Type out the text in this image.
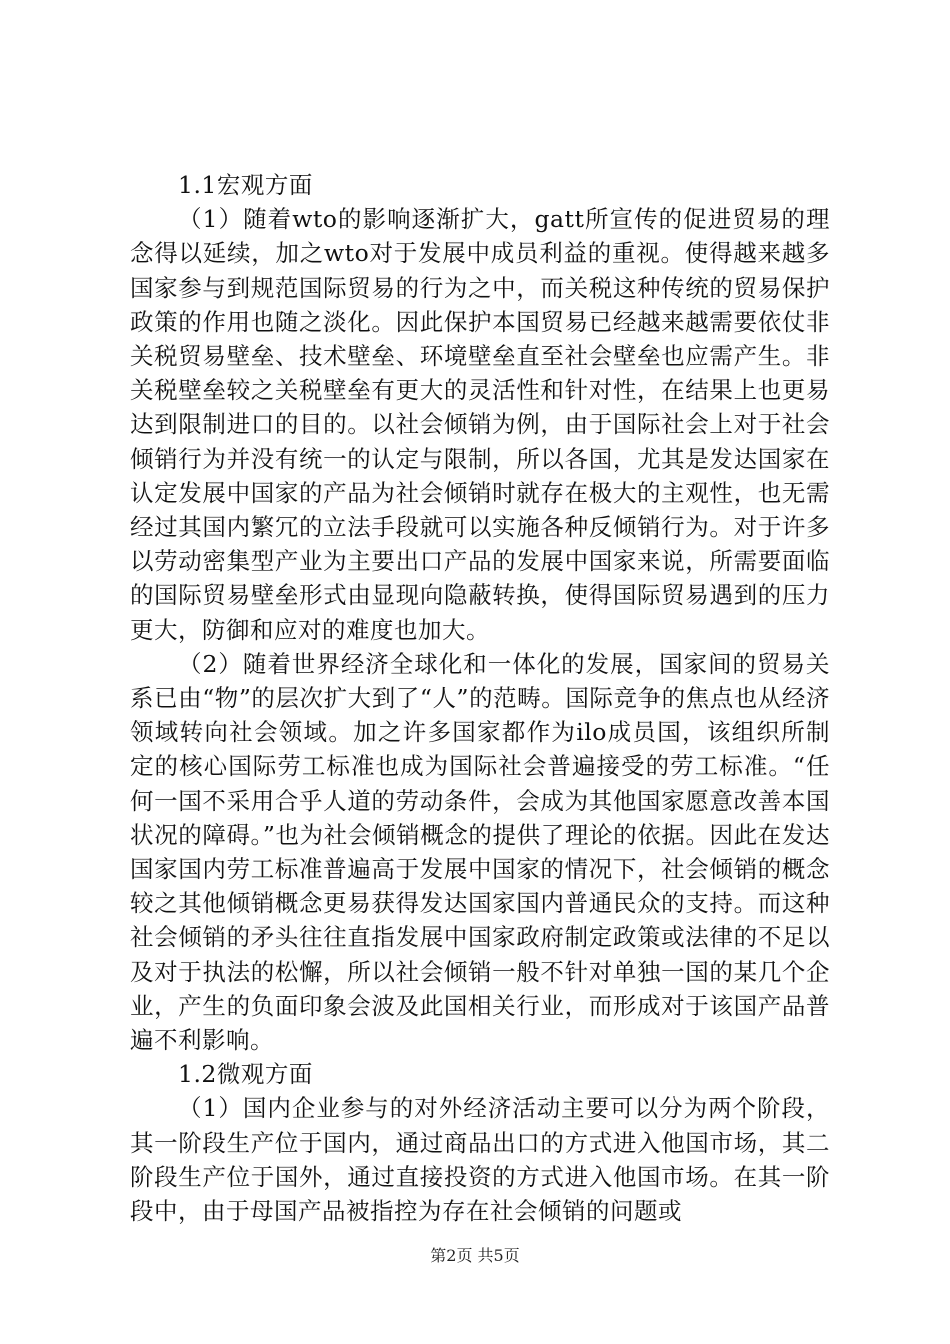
1.1宏观方面

（1）随着wto的影响逐渐扩大，gatt所宣传的促进贸易的理念得以延续，加之wto对于发展中成员利益的重视。使得越来越多国家参与到规范国际贸易的行为之中，而关税这种传统的贸易保护政策的作用也随之淡化。因此保护本国贸易已经越来越需要依仗非关税贸易壁垒、技术壁垒、环境壁垒直至社会壁垒也应需产生。非关税壁垒较之关税壁垒有更大的灵活性和针对性，在结果上也更易达到限制进口的目的。以社会倾销为例，由于国际社会上对于社会倾销行为并没有统一的认定与限制，所以各国，尤其是发达国家在认定发展中国家的产品为社会倾销时就存在极大的主观性，也无需经过其国内繁冗的立法手段就可以实施各种反倾销行为。对于许多以劳动密集型产业为主要出口产品的发展中国家来说，所需要面临的国际贸易壁垒形式由显现向隐蔽转换，使得国际贸易遇到的压力更大，防御和应对的难度也加大。

（2）随着世界经济全球化和一体化的发展，国家间的贸易关系已由“物”的层次扩大到了“人”的范畴。国际竞争的焦点也从经济领域转向社会领域。加之许多国家都作为ilo成员国，该组织所制定的核心国际劳工标准也成为国际社会普遍接受的劳工标准。“任何一国不采用合乎人道的劳动条件，会成为其他国家愿意改善本国状况的障碍。”也为社会倾销概念的提供了理论的依据。因此在发达国家国内劳工标准普遍高于发展中国家的情况下，社会倾销的概念较之其他倾销概念更易获得发达国家国内普通民众的支持。而这种社会倾销的矛头往往直指发展中国家政府制定政策或法律的不足以及对于执法的松懈，所以社会倾销一般不针对单独一国的某几个企业，产生的负面印象会波及此国相关行业，而形成对于该国产品普遍不利影响。

1.2微观方面

（1）国内企业参与的对外经济活动主要可以分为两个阶段，其一阶段生产位于国内，通过商品出口的方式进入他国市场，其二阶段生产位于国外，通过直接投资的方式进入他国市场。在其一阶段中，由于母国产品被指控为存在社会倾销的问题或

第2页 共5页
